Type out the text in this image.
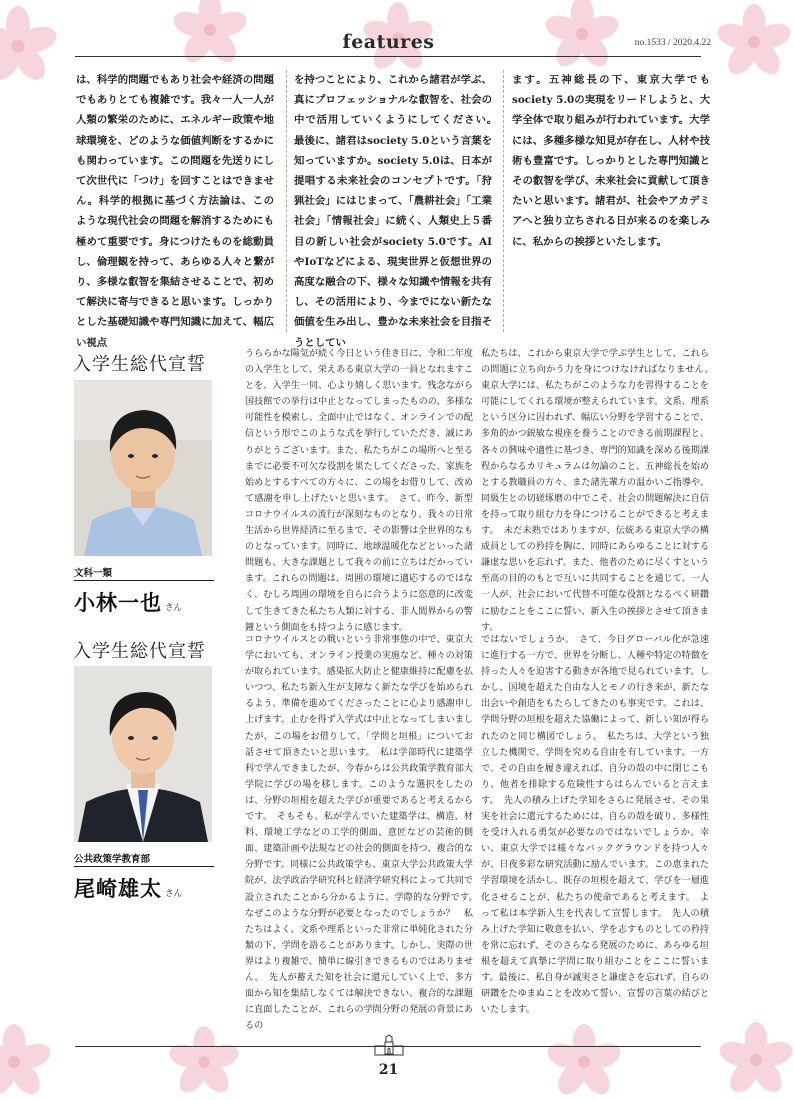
features	no.1533 / 2020.4.22
は、科学的問題でもあり社会や経済の問題でもありとても複雑です。我々一人一人が人類の繁栄のために、エネルギー政策や地球環境を、どのような価値判断をするかにも関わっています。この問題を先送りにして次世代に「つけ」を回すことはできません。科学的根拠に基づく方法論は、このような現代社会の問題を解消するためにも極めて重要です。身につけたものを総動員し、倫理観を持って、あらゆる人々と繋がり、多様な叡智を集結させることで、初めて解決に寄与できると思います。しっかりとした基礎知識や専門知識に加えて、幅広い視点
を持つことにより、これから諸君が学ぶ、真にプロフェッショナルな叡智を、社会の中で活用していくようにしてください。　最後に、諸君はsociety 5.0という言葉を知っていますか。society 5.0は、日本が提唱する未来社会のコンセプトです。「狩猟社会」にはじまって、「農耕社会」「工業社会」「情報社会」に続く、人類史上５番目の新しい社会がsociety 5.0です。AIやIoTなどによる、現実世界と仮想世界の高度な融合の下、様々な知識や情報を共有し、その活用により、今までにない新たな価値を生み出し、豊かな未来社会を目指そうとしてい
ます。五神総長の下、東京大学でもsociety 5.0の実現をリードしようと、大学全体で取り組みが行われています。大学には、多種多様な知見が存在し、人材や技術も豊富です。しっかりとした専門知識とその叡智を学び、未来社会に貢献して頂きたいと思います。諸君が、社会やアカデミアへと独り立ちされる日が来るのを楽しみに、私からの挨拶といたします。
入学生総代宣誓
文科一類
小林一也 さん

うららかな陽気が続く今日という佳き日に、令和二年度の入学生として、栄えある東京大学の一員となれますことを、入学生一同、心より嬉しく思います。残念ながら国技館での挙行は中止となってしまったものの、多様な可能性を模索し、全面中止ではなく、オンラインでの配信という形でこのような式を挙行していただき、誠にありがとうございます。また、私たちがこの場所へと至るまでに必要不可欠な役割を果たしてくださった、家族を始めとするすべての方々に、この場をお借りして、改めて感謝を申し上げたいと思います。　さて、昨今、新型コロナウイルスの流行が深刻なものとなり、我々の日常生活から世界経済に至るまで、その影響は全世界的なものとなっています。同時に、地球温暖化などといった諸問題も、大きな課題として我々の前に立ちはだかっています。これらの問題は、周囲の環境に適応するのではなく、むしろ周囲の環境を自らに合うように恣意的に改変して生きてきた私たち人類に対する、非人間界からの警鐘という側面をも持つように感じます。

私たちは、これから東京大学で学ぶ学生として、これらの問題に立ち向かう力を身につけなければなりません。　東京大学には、私たちがこのような力を習得することを可能にしてくれる環境が整えられています。文系、理系という区分に囚われず、幅広い分野を学習することで、多角的かつ鋭敏な視座を養うことのできる前期課程と、各々の興味や適性に基づき、専門的知識を深める後期課程からなるカリキュラムは勿論のこと、五神総長を始めとする教職員の方々、また諸先輩方の温かいご指導や、同級生との切磋琢磨の中でこそ、社会の問題解決に自信を持って取り組む力を身につけることができると考えます。　未だ未熟ではありますが、伝統ある東京大学の構成員としての矜持を胸に、同時にあらゆることに対する謙虚な思いを忘れず、また、他者のために尽くすという至高の目的のもとで互いに共同することを通じて、一人一人が、社会において代替不可能な役割となるべく研鑽に励むことをここに誓い、新入生の挨拶とさせて頂きます。

入学生総代宣誓
公共政策学教育部
尾崎雄太 さん

コロナウイルスとの戦いという非常事態の中で、東京大学においても、オンライン授業の実施など、種々の対策が取られています。感染拡大防止と健康維持に配慮を払いつつ、私たち新入生が支障なく新たな学びを始められるよう、準備を進めてくださったことに心より感謝申し上げます。止むを得ず入学式は中止となってしまいましたが、この場をお借りして、「学問と垣根」についてお話させて頂きたいと思います。　私は学部時代に建築学科で学んできましたが、今春からは公共政策学教育部大学院に学びの場を移します。このような選択をしたのは、分野の垣根を超えた学びが重要であると考えるからです。　そもそも、私が学んでいた建築学は、構造、材料、環境工学などの工学的側面、意匠などの芸術的側面、建築計画や法規などの社会的側面を持つ、複合的な分野です。同様に公共政策学も、東京大学公共政策大学院が、法学政治学研究科と経済学研究科によって共同で設立されたことから分かるように、学際的な分野です。　なぜこのような分野が必要となったのでしょうか？　私たちはよく、文系や理系といった非常に単純化された分類の下、学問を語ることがあります。しかし、実際の世界はより複雑で、簡単に線引きできるものではありません。　先人が蓄えた知を社会に還元していく上で、多方面から知を集結しなくては解決できない、複合的な課題に直面したことが、これらの学問分野の発展の背景にあるの

ではないでしょうか。　さて、今日グローバル化が急速に進行する一方で、世界を分断し、人種や特定の特徴を持った人々を迫害する動きが各地で見られています。しかし、国境を超えた自由な人とモノの行き来が、新たな出会いや創造をもたらしてきたのも事実です。これは、学問分野の垣根を超えた協働によって、新しい知が得られたのと同じ構図でしょう。　私たちは、大学という独立した機関で、学問を究める自由を有しています。一方で、その自由を履き違えれば、自分の殻の中に閉じこもり、他者を排除する危険性すらはらんでいると言えます。　先人の積み上げた学知をさらに発展させ、その果実を社会に還元するためには、自らの殻を破り、多様性を受け入れる勇気が必要なのではないでしょうか。幸い、東京大学では様々なバックグラウンドを持つ人々が、日夜多彩な研究活動に励んでいます。この恵まれた学習環境を活かし、既存の垣根を超えて、学びを一層進化させることが、私たちの使命であると考えます。　よって私は本学新入生を代表して宣誓します。　先人の積み上げた学知に敬意を払い、学を志すものとしての矜持を常に忘れず、そのさらなる発展のために、あらゆる垣根を超えて真摯に学問に取り組むことをここに誓います。最後に、私自身が誠実さと謙虚さを忘れず、自らの研鑽をたゆまぬことを改めて誓い、宣誓の言葉の結びといたします。

21
